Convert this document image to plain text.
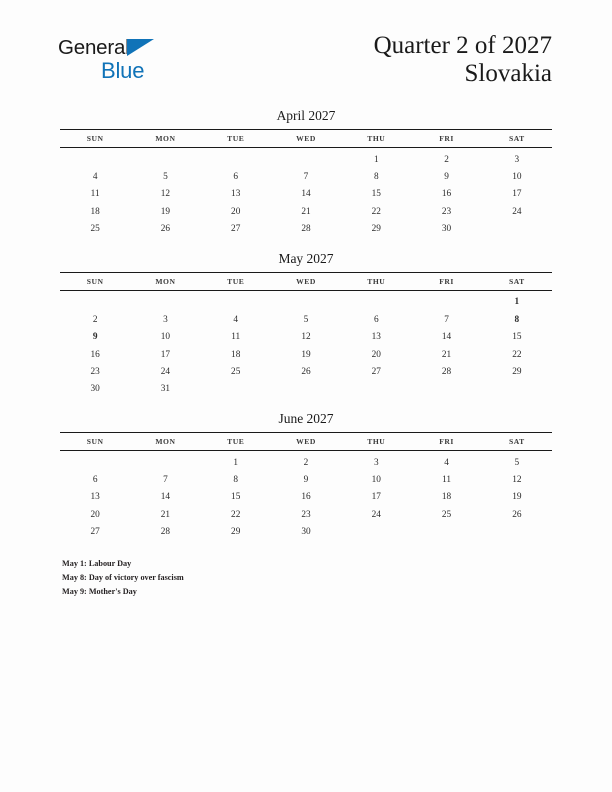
General
Blue
Quarter 2 of 2027
Slovakia
April 2027
SUN	MON	TUE	WED	THU	FRI	SAT
				1	2	3
4	5	6	7	8	9	10
11	12	13	14	15	16	17
18	19	20	21	22	23	24
25	26	27	28	29	30	
May 2027
SUN	MON	TUE	WED	THU	FRI	SAT
						1
2	3	4	5	6	7	8
9	10	11	12	13	14	15
16	17	18	19	20	21	22
23	24	25	26	27	28	29
30	31					
June 2027
SUN	MON	TUE	WED	THU	FRI	SAT
		1	2	3	4	5
6	7	8	9	10	11	12
13	14	15	16	17	18	19
20	21	22	23	24	25	26
27	28	29	30			
May 1: Labour Day
May 8: Day of victory over fascism
May 9: Mother's Day
